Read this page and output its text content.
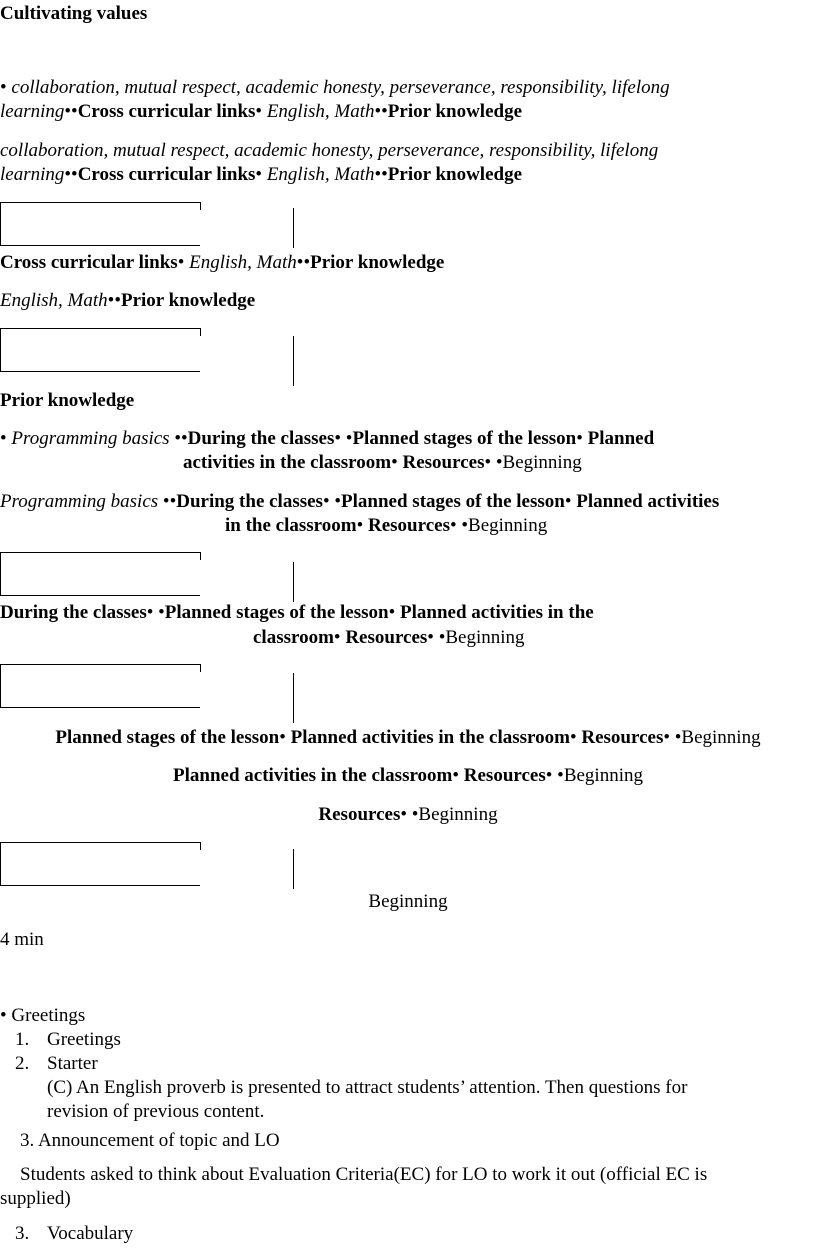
Cultivating values
• collaboration, mutual respect, academic honesty, perseverance, responsibility, lifelong
learning••Cross curricular links• English, Math••Prior knowledge
collaboration, mutual respect, academic honesty, perseverance, responsibility, lifelong
learning••Cross curricular links• English, Math••Prior knowledge
Cross curricular links• English, Math••Prior knowledge
English, Math••Prior knowledge
Prior knowledge
• Programming basics ••During the classes• •Planned stages of the lesson• Planned
activities in the classroom• Resources• •Beginning
Programming basics ••During the classes• •Planned stages of the lesson• Planned activities
in the classroom• Resources• •Beginning
During the classes• •Planned stages of the lesson• Planned activities in the
classroom• Resources• •Beginning
Planned stages of the lesson• Planned activities in the classroom• Resources• •Beginning
Planned activities in the classroom• Resources• •Beginning
Resources• •Beginning
Beginning
4 min
• Greetings
1. Greetings
2. Starter
(C) An English proverb is presented to attract students’ attention. Then questions for
revision of previous content.
3. Announcement of topic and LO
Students asked to think about Evaluation Criteria(EC) for LO to work it out (official EC is
supplied)
3. Vocabulary
